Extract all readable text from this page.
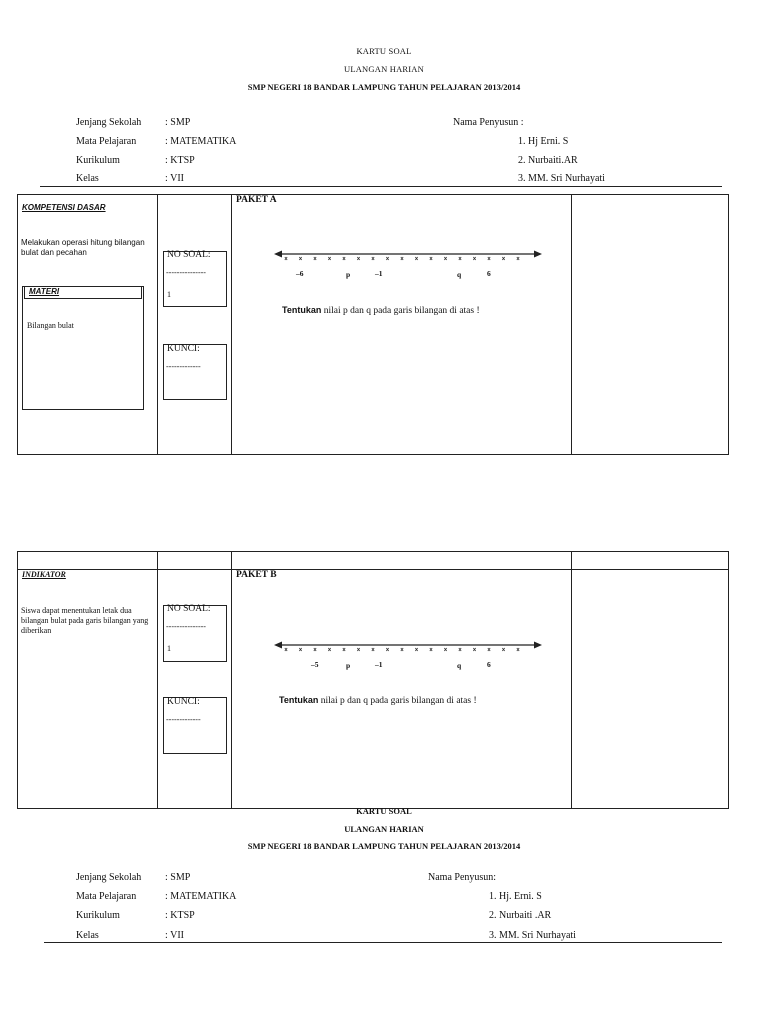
KARTU SOAL
ULANGAN HARIAN
SMP NEGERI 18 BANDAR LAMPUNG TAHUN PELAJARAN 2013/2014
Jenjang Sekolah : SMP
Mata Pelajaran	: MATEMATIKA
Kurikulum	: KTSP
Kelas	: VII
Nama Penyusun :
1. Hj Erni. S
2. Nurbaiti.AR
3. MM. Sri Nurhayati
KOMPETENSI DASAR
Melakukan operasi hitung bilangan bulat dan pecahan
MATERI
Bilangan bulat
NO SOAL:
---------------
1
KUNCI:
-------------
PAKET A
–6	p	–1	q	6
Tentukan nilai p dan q pada garis bilangan di atas !
INDIKATOR
Siswa dapat menentukan letak dua bilangan bulat pada garis bilangan yang diberikan
NO SOAL:
---------------
1
KUNCI:
-------------
PAKET B
–5	p	–1	q	6
Tentukan nilai p dan q pada garis bilangan di atas !
KARTU SOAL
ULANGAN HARIAN
SMP NEGERI 18 BANDAR LAMPUNG TAHUN PELAJARAN 2013/2014
Jenjang Sekolah : SMP
Mata Pelajaran	: MATEMATIKA
Kurikulum	: KTSP
Kelas	: VII
Nama Penyusun:
1. Hj. Erni. S
2. Nurbaiti .AR
3. MM. Sri Nurhayati
